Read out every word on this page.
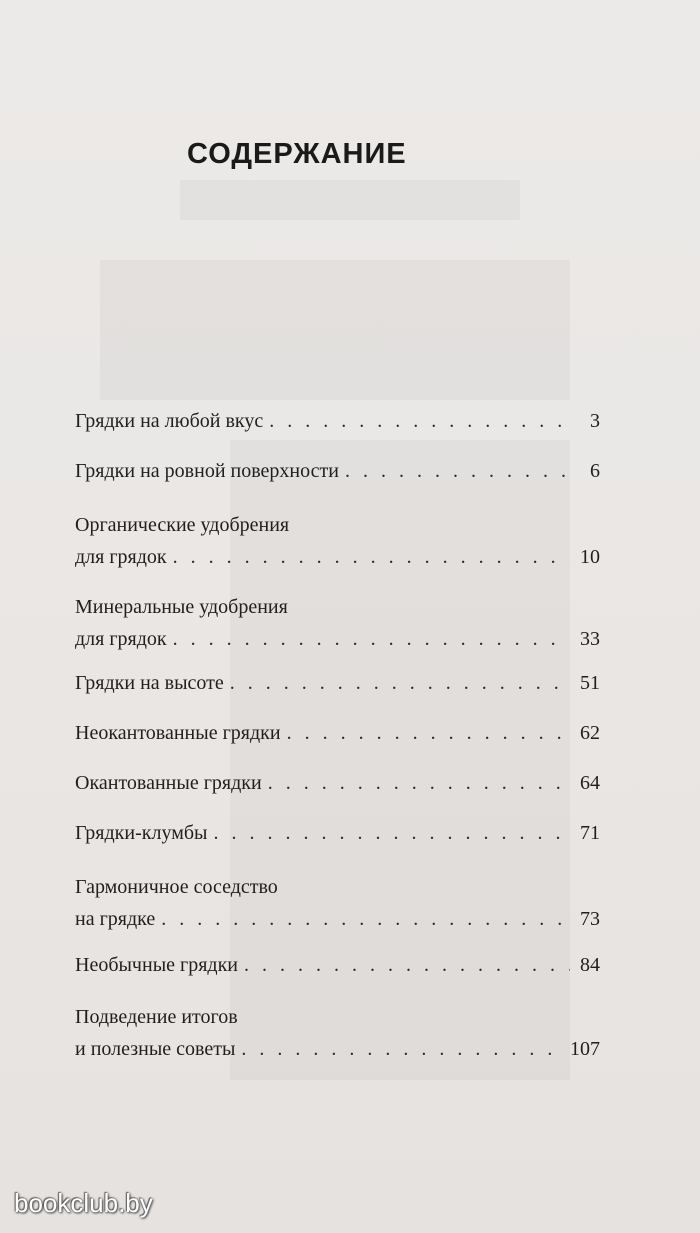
СОДЕРЖАНИЕ
Грядки на любой вкус . . .	3
Грядки на ровной поверхности . . .	6
Органические удобрения
для грядок . . .	10
Минеральные удобрения
для грядок . . .	33
Грядки на высоте . . .	51
Неокантованные грядки . . .	62
Окантованные грядки . . .	64
Грядки-клумбы . . .	71
Гармоничное соседство
на грядке . . .	73
Необычные грядки . . .	84
Подведение итогов
и полезные советы . . .	107
bookclub.by
